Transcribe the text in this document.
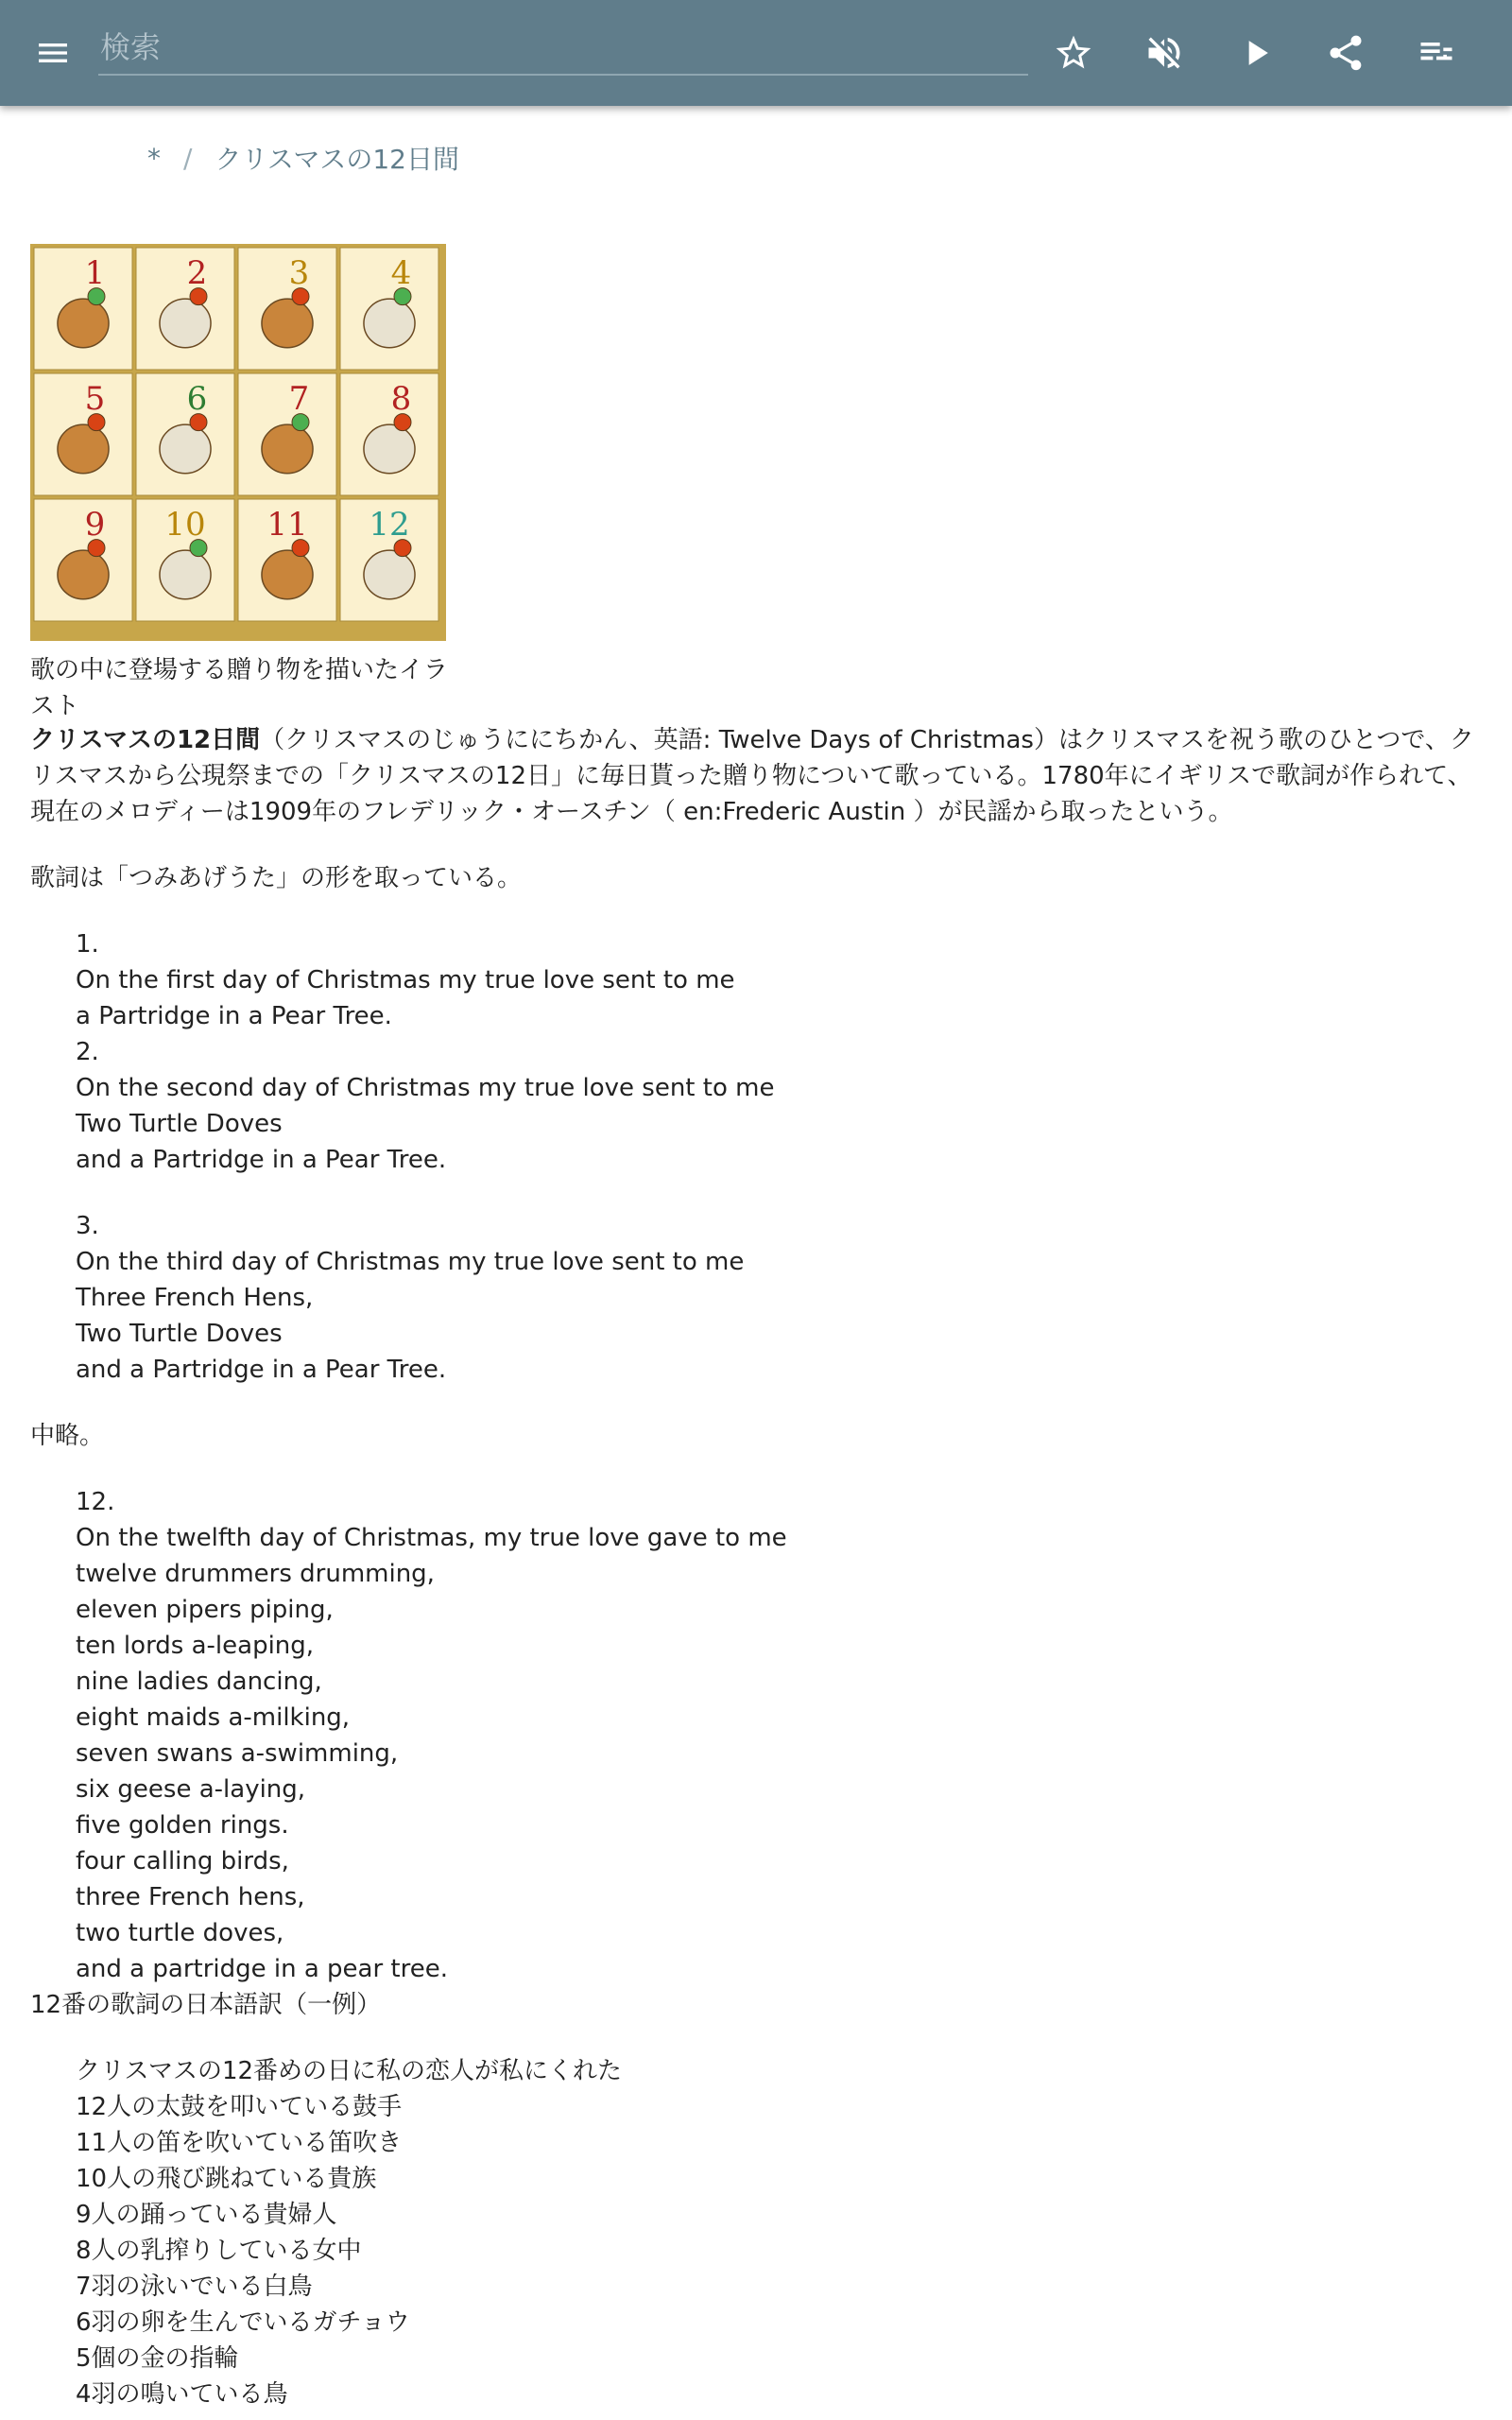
検索
* / クリスマスの12日間
1	2	3	4
5	6	7	8
9 10 11 12
歌の中に登場する贈り物を描いたイラスト

クリスマスの12日間（クリスマスのじゅうににちかん、英語: Twelve Days of Christmas）はクリスマスを祝う歌のひとつで、クリスマスから公現祭までの「クリスマスの12日」に毎日貰った贈り物について歌っている。1780年にイギリスで歌詞が作られて、現在のメロディーは1909年のフレデリック・オースチン（ en:Frederic Austin ）が民謡から取ったという。

歌詞は「つみあげうた」の形を取っている。

1.
On the first day of Christmas my true love sent to me
a Partridge in a Pear Tree.
2.
On the second day of Christmas my true love sent to me
Two Turtle Doves
and a Partridge in a Pear Tree.
3.
On the third day of Christmas my true love sent to me
Three French Hens,
Two Turtle Doves
and a Partridge in a Pear Tree.

中略。

12.
On the twelfth day of Christmas, my true love gave to me
twelve drummers drumming,
eleven pipers piping,
ten lords a-leaping,
nine ladies dancing,
eight maids a-milking,
seven swans a-swimming,
six geese a-laying,
five golden rings.
four calling birds,
three French hens,
two turtle doves,
and a partridge in a pear tree.

12番の歌詞の日本語訳（一例）

クリスマスの12番めの日に私の恋人が私にくれた
12人の太鼓を叩いている鼓手
11人の笛を吹いている笛吹き
10人の飛び跳ねている貴族
9人の踊っている貴婦人
8人の乳搾りしている女中
7羽の泳いでいる白鳥
6羽の卵を生んでいるガチョウ
5個の金の指輪
4羽の鳴いている鳥
